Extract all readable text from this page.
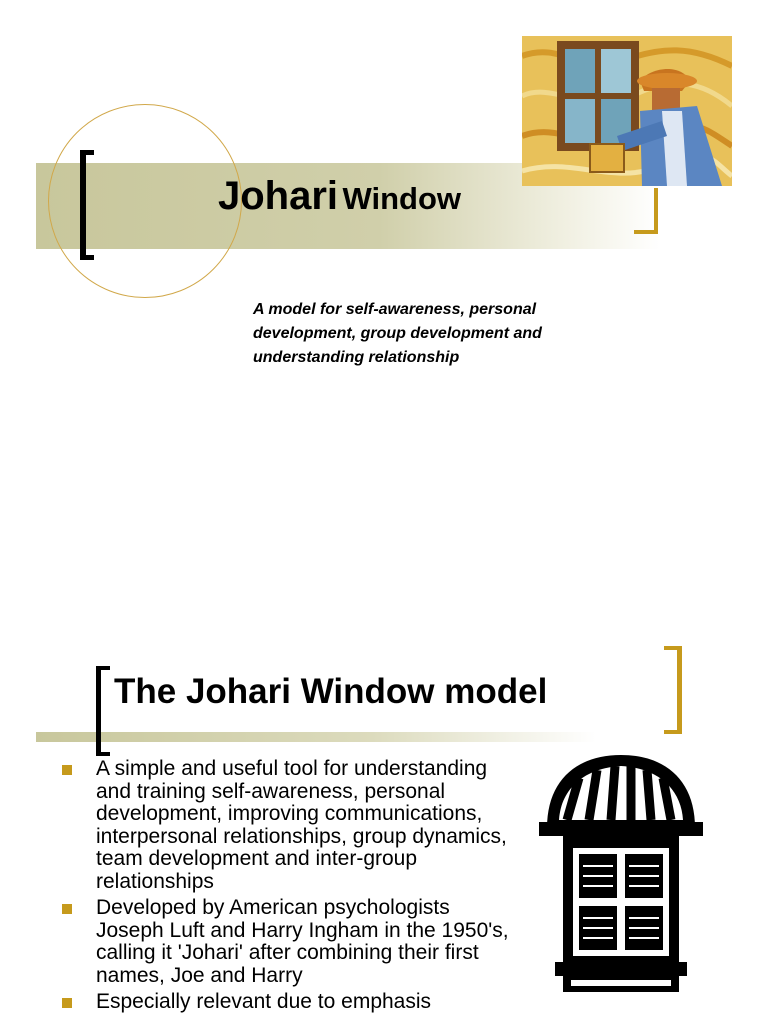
Johari Window
A model for self-awareness, personal development, group development and understanding relationship
The Johari Window model
A simple and useful tool for understanding and training self-awareness, personal development, improving communications, interpersonal relationships, group dynamics, team development and inter-group relationships
Developed by American psychologists Joseph Luft and Harry Ingham in the 1950's, calling it 'Johari' after combining their first names, Joe and Harry
Especially relevant due to emphasis
